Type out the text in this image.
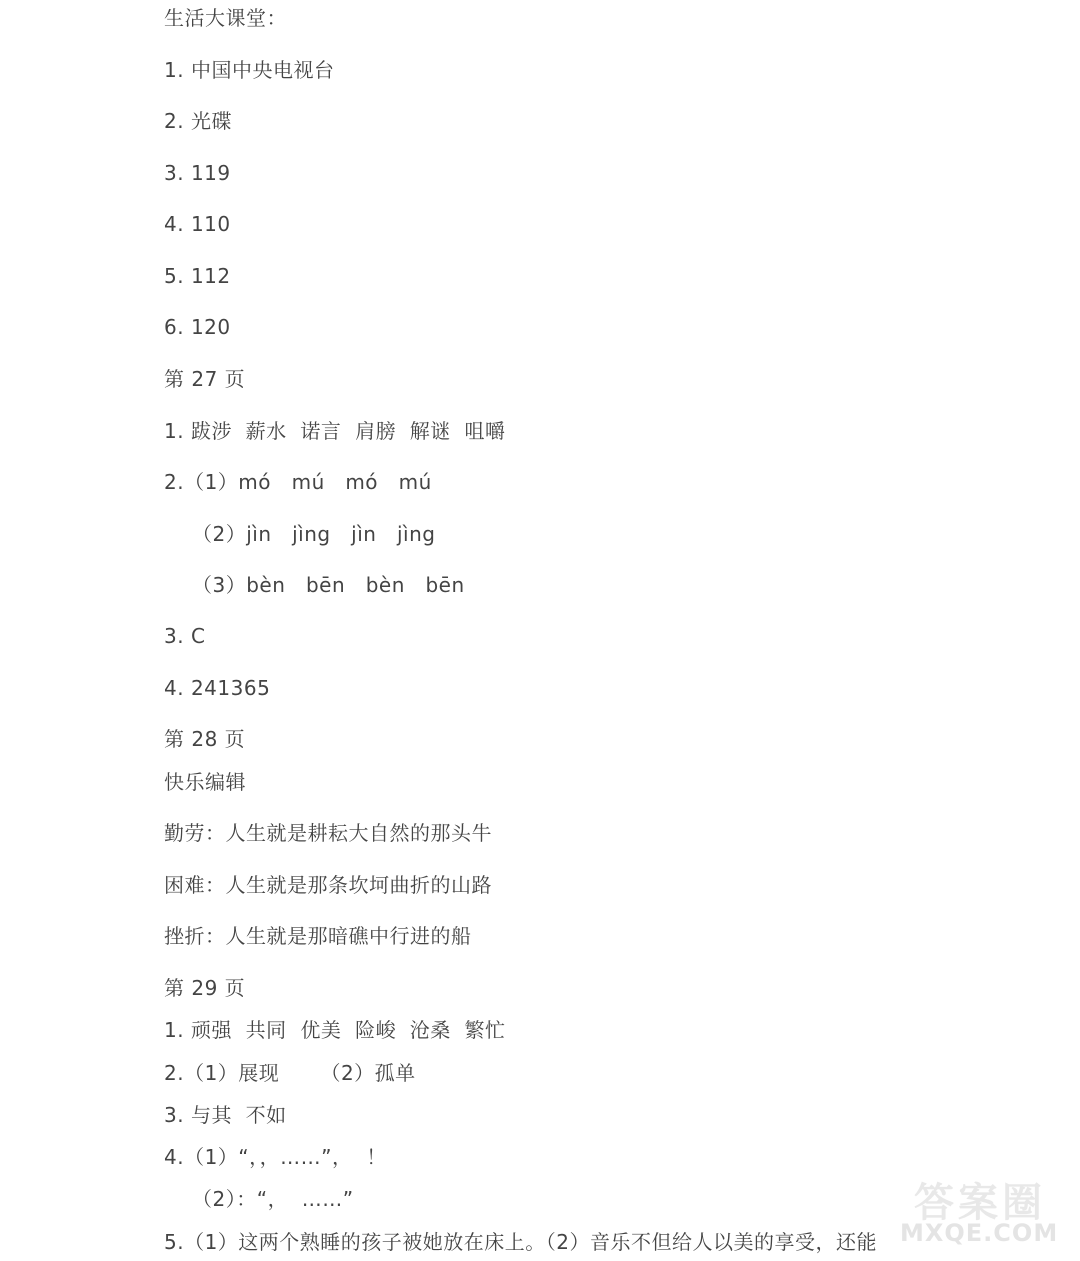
生活大课堂：
1. 中国中央电视台
2. 光碟
3. 119
4. 110
5. 112
6. 120
第 27 页
1. 跋涉  薪水  诺言  肩膀  解谜  咀嚼
2.（1）mó   mú   mó   mú
（2）jìn   jìng   jìn   jìng
（3）bèn   bēn   bèn   bēn
3. C
4. 241365
第 28 页
快乐编辑
勤劳：人生就是耕耘大自然的那头牛
困难：人生就是那条坎坷曲折的山路
挫折：人生就是那暗礁中行进的船
第 29 页
1. 顽强  共同  优美  险峻  沧桑  繁忙
2.（1）展现      （2）孤单
3. 与其  不如
4.（1）“，，……”，  ！
（2）：“，  ……”
5.（1）这两个熟睡的孩子被她放在床上。（2）音乐不但给人以美的享受，还能
答案圈
MXQE.COM
